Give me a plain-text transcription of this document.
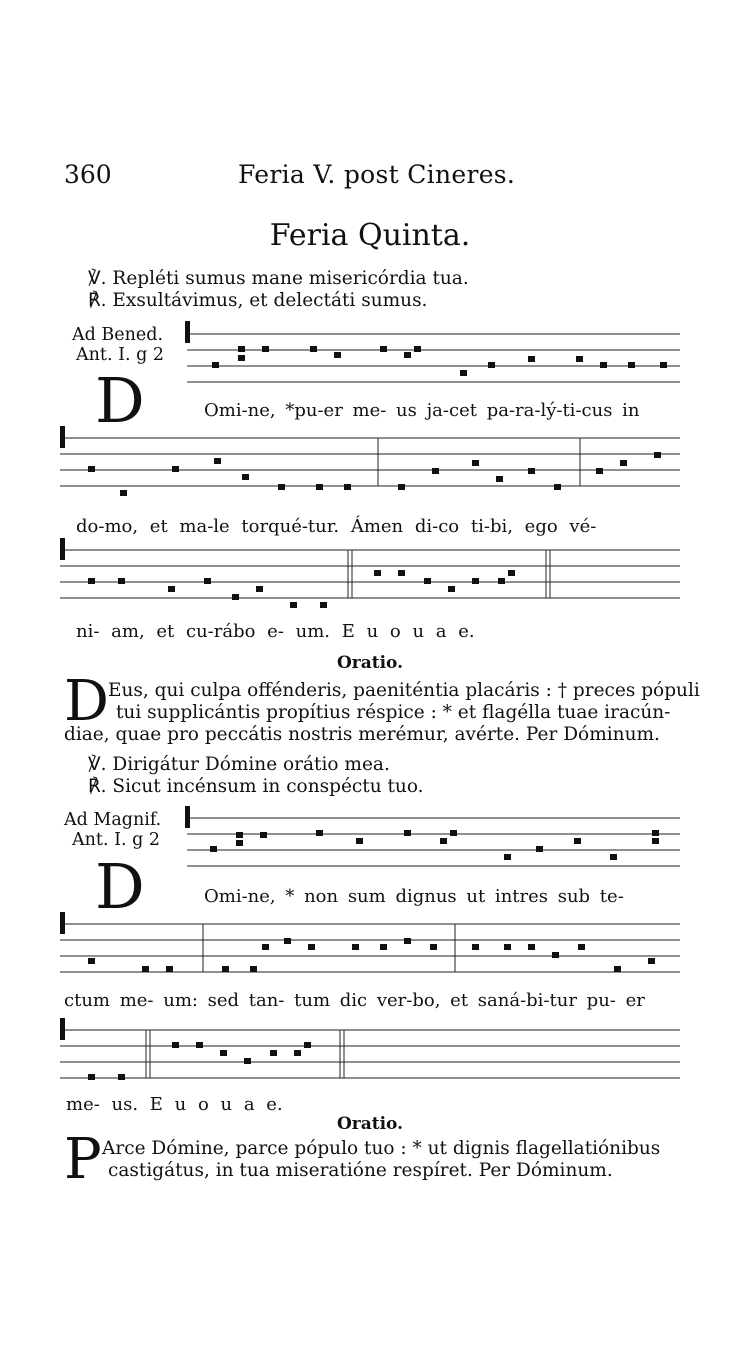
360	Feria V. post Cineres.
Feria Quinta.
℣. Repléti sumus mane misericórdia tua.
℟. Exsultávimus, et delectáti sumus.
Ad Bened.
Ant. I. g 2
D	Omi-ne, *pu-er me- us ja-cet pa-ra-lý-ti-cus in
do-mo, et ma-le torqué-tur. Ámen di-co ti-bi, ego vé-
ni- am, et cu-rábo e- um. E u o u a e.
Oratio.
D Eus, qui culpa offénderis, paeniténtia placáris : † preces pópuli
tui supplicántis propítius réspice : * et flagélla tuae iracún-
diae, quae pro peccátis nostris merémur, avérte. Per Dóminum.
℣. Dirigátur Dómine orátio mea.
℟. Sicut incénsum in conspéctu tuo.
Ad Magnif.
Ant. I. g 2
D	Omi-ne, * non sum dignus ut intres sub te-
ctum me- um: sed tan- tum dic ver-bo, et saná-bi-tur pu- er
me- us. E u o u a e.
Oratio.
P Arce Dómine, parce pópulo tuo : * ut dignis flagellatiónibus
castigátus, in tua miseratióne respíret. Per Dóminum.
